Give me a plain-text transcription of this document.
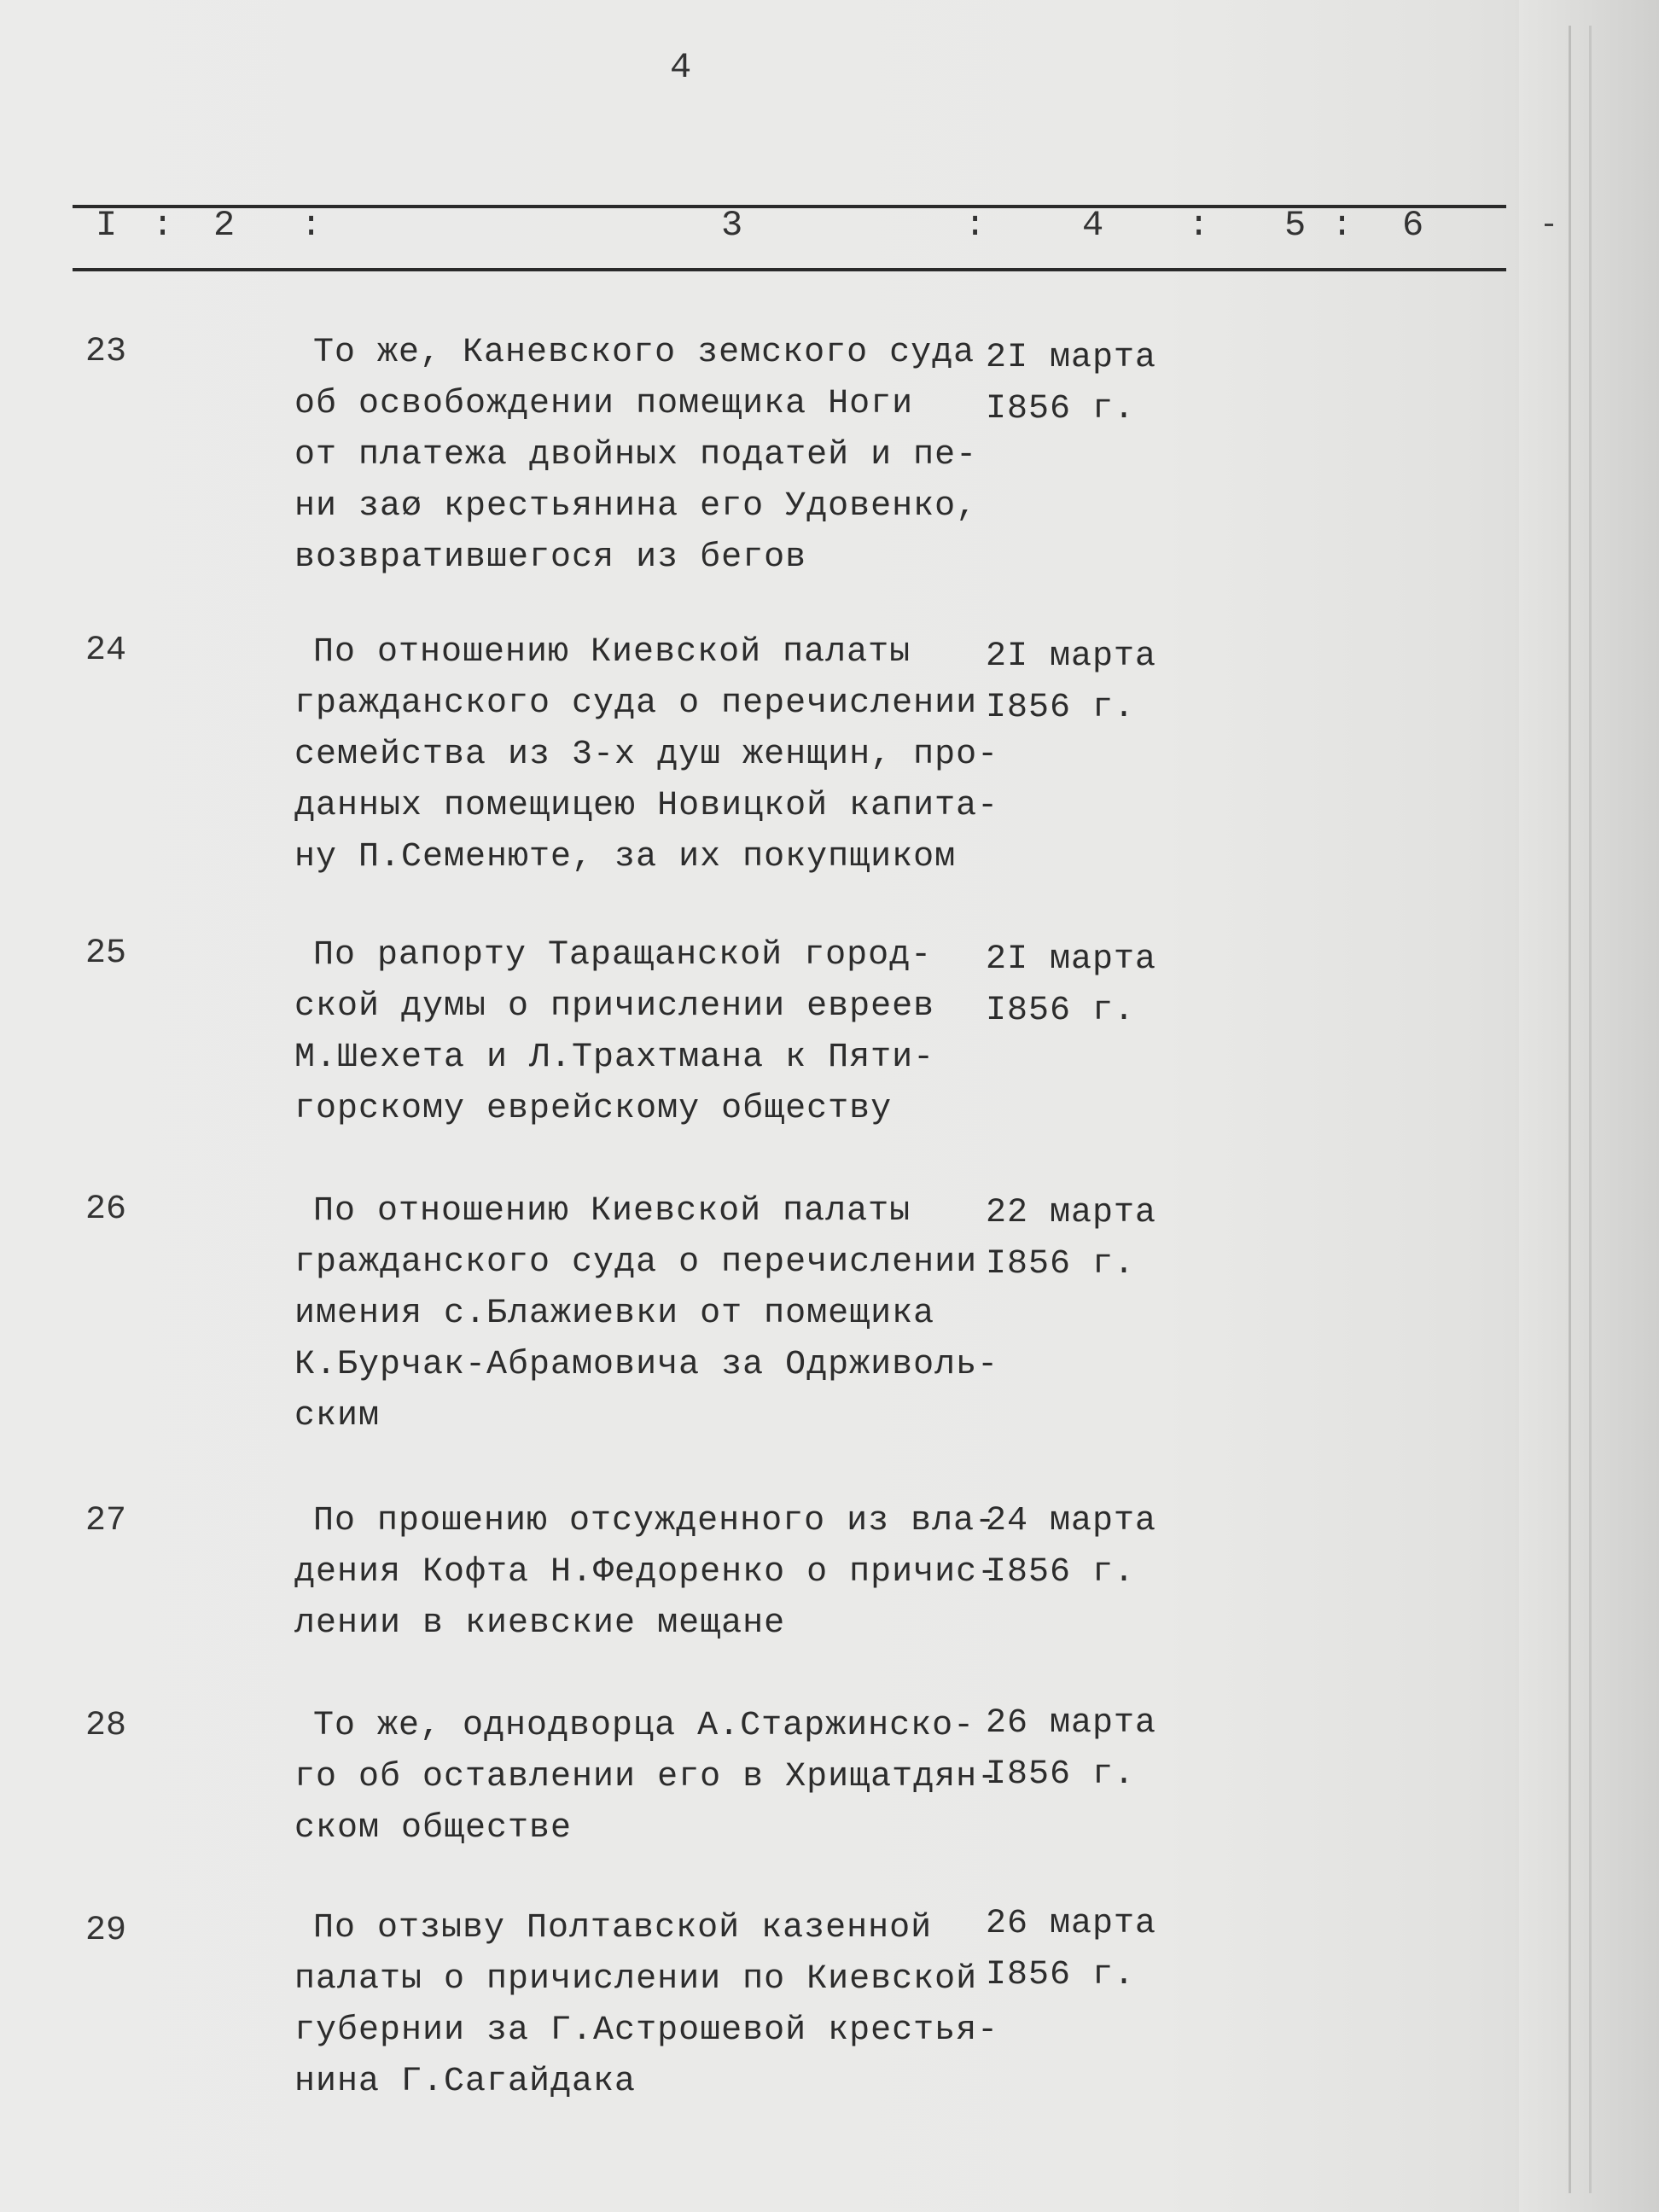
4
I : 2 :	3	:	4 : 5 : 6
23	То же, Каневского земского суда
об освобождении помещика Ноги
от платежа двойных податей и пе-
ни заø крестьянина его Удовенко,
возвратившегося из бегов
2I марта
I856 г.
24	По отношению Киевской палаты
гражданского суда о перечислении
семейства из 3-х душ женщин, про-
данных помещицею Новицкой капита-
ну П.Семенюте, за их покупщиком
2I марта
I856 г.
25	По рапорту Таращанской город-
ской думы о причислении евреев
М.Шехета и Л.Трахтмана к Пяти-
горскому еврейскому обществу
2I марта
I856 г.
26	По отношению Киевской палаты
гражданского суда о перечислении
имения с.Блажиевки от помещика
К.Бурчак-Абрамовича за Одрживоль-
ским
22 марта
I856 г.
27	По прошению отсужденного из вла-
дения Кофта Н.Федоренко о причис-
лении в киевские мещане
24 марта
I856 г.
28	То же, однодворца А.Старжинско-
го об оставлении его в Хрищатдян-
ском обществе
26 марта
I856 г.
29	По отзыву Полтавской казенной
палаты о причислении по Киевской
губернии за Г.Астрошевой крестья-
нина Г.Сагайдака
26 марта
I856 г.
